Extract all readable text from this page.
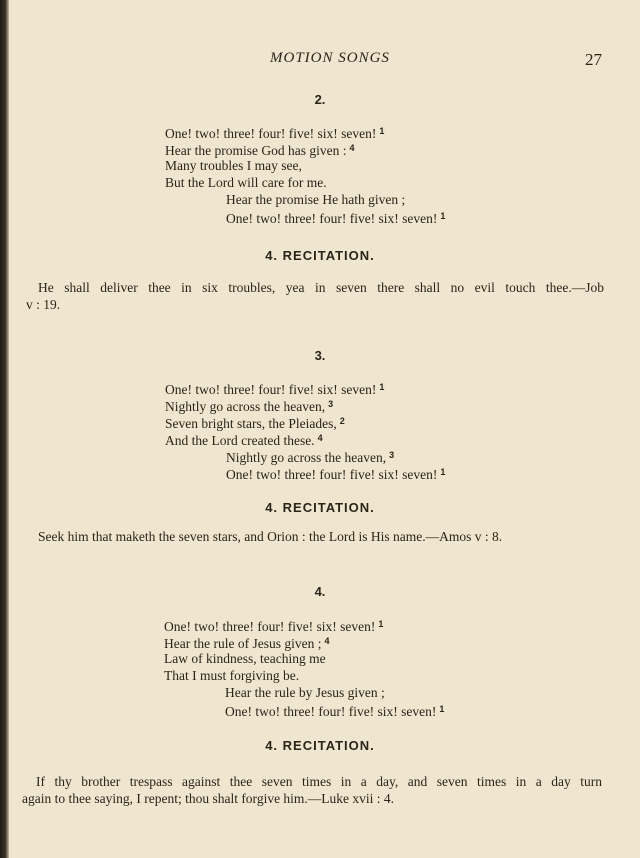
MOTION SONGS	27
2.
One! two! three! four! five! six! seven! $^1$
Hear the promise God has given : $^4$
Many troubles I may see,
But the Lord will care for me.
Hear the promise He hath given ;
One! two! three! four! five! six! seven! $^1$
4. RECITATION.
He shall deliver thee in six troubles, yea in seven there shall no evil touch thee.—Job
v : 19.
3.
One! two! three! four! five! six! seven! $^1$
Nightly go across the heaven, $^3$
Seven bright stars, the Pleiades, $^2$
And the Lord created these. $^4$
Nightly go across the heaven, $^3$
One! two! three! four! five! six! seven! $^1$
4. RECITATION.
Seek him that maketh the seven stars, and Orion : the Lord is His name.—Amos v : 8.
4.
One! two! three! four! five! six! seven! $^1$
Hear the rule of Jesus given ; $^4$
Law of kindness, teaching me
That I must forgiving be.
Hear the rule by Jesus given ;
One! two! three! four! five! six! seven! $^1$
4. RECITATION.
If thy brother trespass against thee seven times in a day, and seven times in a day turn
again to thee saying, I repent; thou shalt forgive him.—Luke xvii : 4.
